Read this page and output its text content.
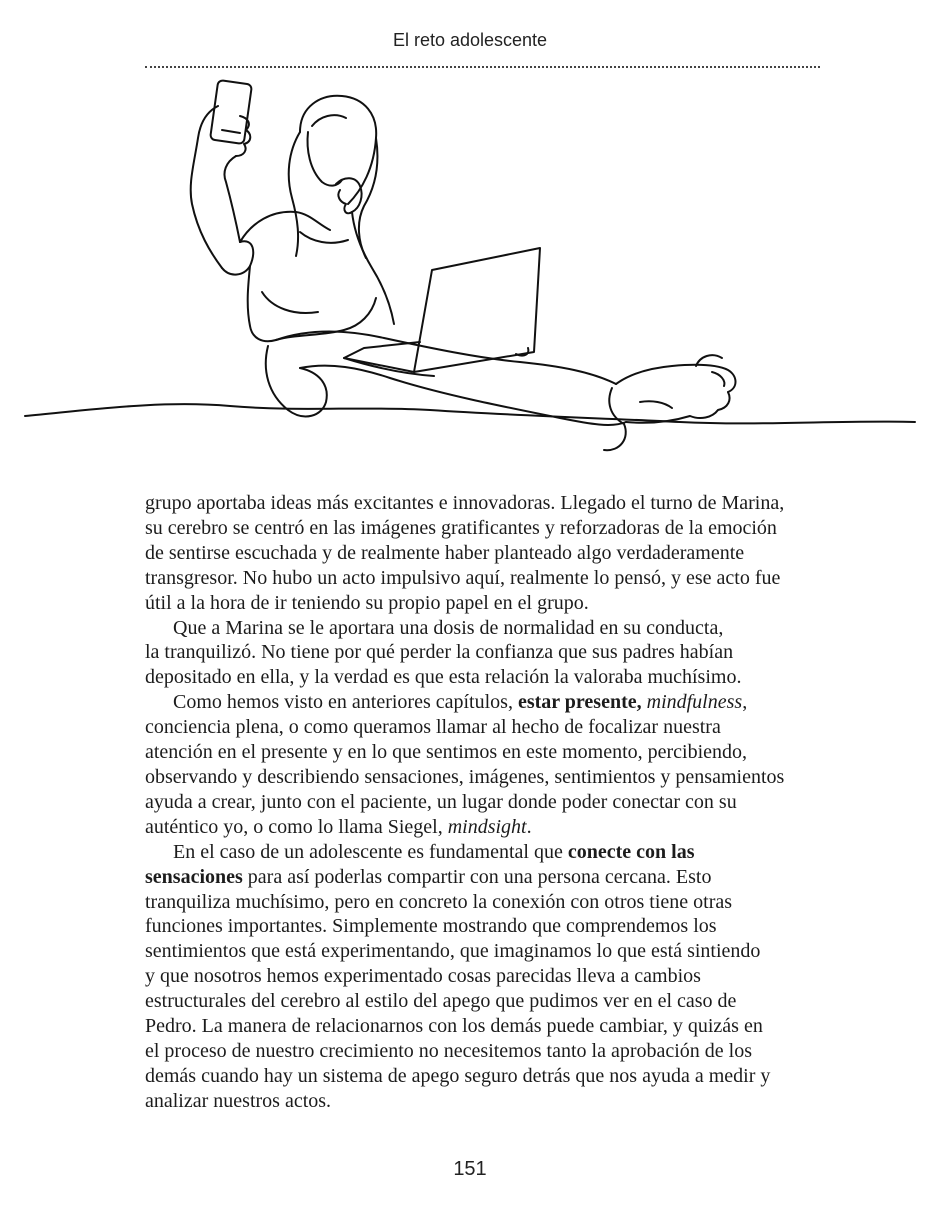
El reto adolescente

grupo aportaba ideas más excitantes e innovadoras. Llegado el turno de Marina,
su cerebro se centró en las imágenes gratificantes y reforzadoras de la emoción
de sentirse escuchada y de realmente haber planteado algo verdaderamente
transgresor. No hubo un acto impulsivo aquí, realmente lo pensó, y ese acto fue
útil a la hora de ir teniendo su propio papel en el grupo.

Que a Marina se le aportara una dosis de normalidad en su conducta,
la tranquilizó. No tiene por qué perder la confianza que sus padres habían
depositado en ella, y la verdad es que esta relación la valoraba muchísimo.

Como hemos visto en anteriores capítulos, estar presente, mindfulness,
conciencia plena, o como queramos llamar al hecho de focalizar nuestra
atención en el presente y en lo que sentimos en este momento, percibiendo,
observando y describiendo sensaciones, imágenes, sentimientos y pensamientos
ayuda a crear, junto con el paciente, un lugar donde poder conectar con su
auténtico yo, o como lo llama Siegel, mindsight.

En el caso de un adolescente es fundamental que conecte con las
sensaciones para así poderlas compartir con una persona cercana. Esto
tranquiliza muchísimo, pero en concreto la conexión con otros tiene otras
funciones importantes. Simplemente mostrando que comprendemos los
sentimientos que está experimentando, que imaginamos lo que está sintiendo
y que nosotros hemos experimentado cosas parecidas lleva a cambios
estructurales del cerebro al estilo del apego que pudimos ver en el caso de
Pedro. La manera de relacionarnos con los demás puede cambiar, y quizás en
el proceso de nuestro crecimiento no necesitemos tanto la aprobación de los
demás cuando hay un sistema de apego seguro detrás que nos ayuda a medir y
analizar nuestros actos.

151
